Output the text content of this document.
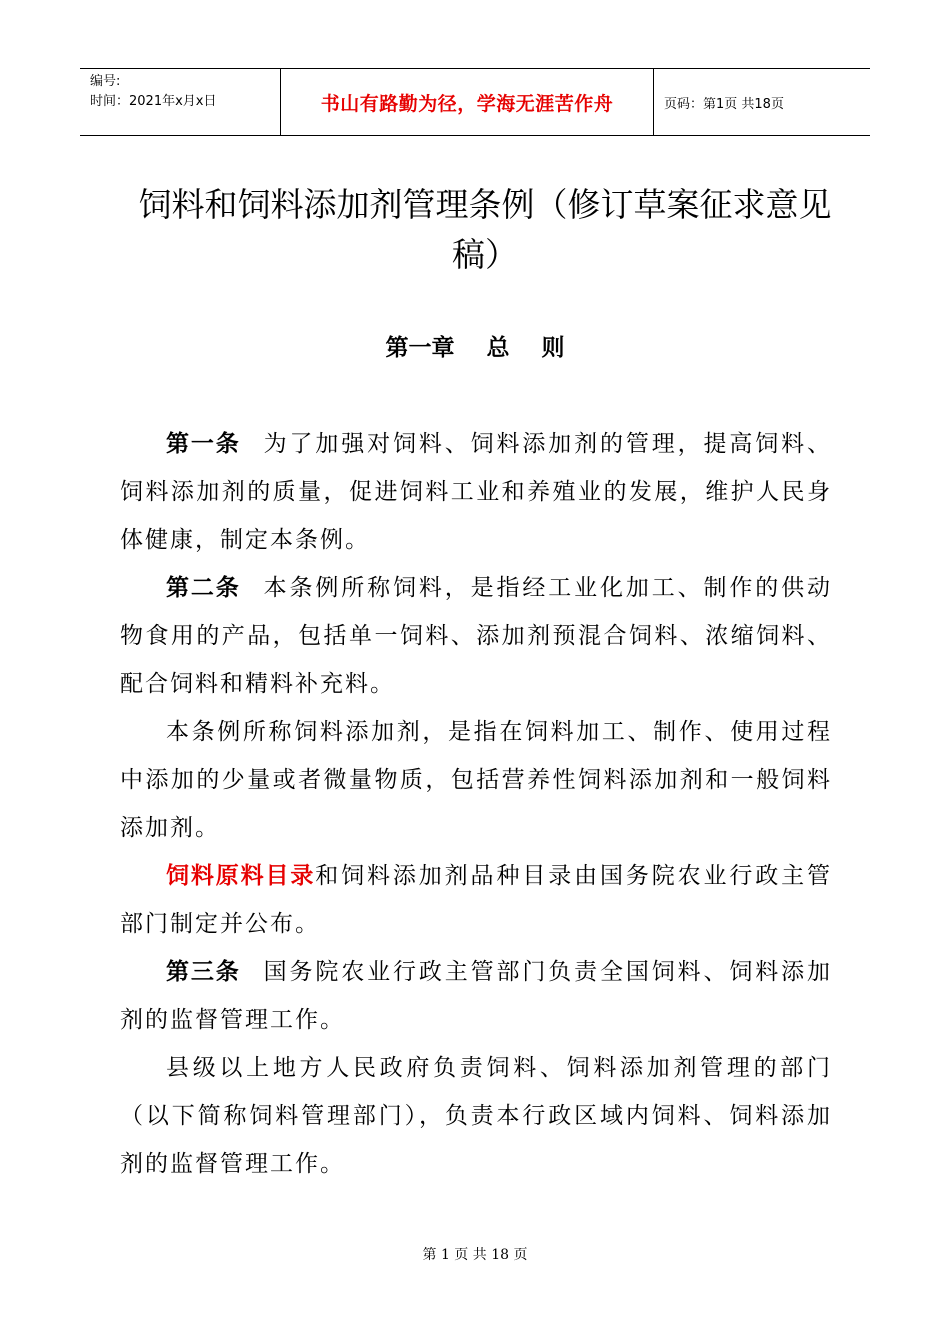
编号:
时间：2021年x月x日	书山有路勤为径，学海无涯苦作舟	页码：第1页 共18页
饲料和饲料添加剂管理条例（修订草案征求意见稿）
第一章    总    则

第一条 为了加强对饲料、饲料添加剂的管理，提高饲料、饲料添加剂的质量，促进饲料工业和养殖业的发展，维护人民身体健康，制定本条例。

第二条 本条例所称饲料，是指经工业化加工、制作的供动物食用的产品，包括单一饲料、添加剂预混合饲料、浓缩饲料、配合饲料和精料补充料。

本条例所称饲料添加剂，是指在饲料加工、制作、使用过程中添加的少量或者微量物质，包括营养性饲料添加剂和一般饲料添加剂。

饲料原料目录和饲料添加剂品种目录由国务院农业行政主管部门制定并公布。

第三条 国务院农业行政主管部门负责全国饲料、饲料添加剂的监督管理工作。

县级以上地方人民政府负责饲料、饲料添加剂管理的部门（以下简称饲料管理部门），负责本行政区域内饲料、饲料添加剂的监督管理工作。

第 1 页 共 18 页
